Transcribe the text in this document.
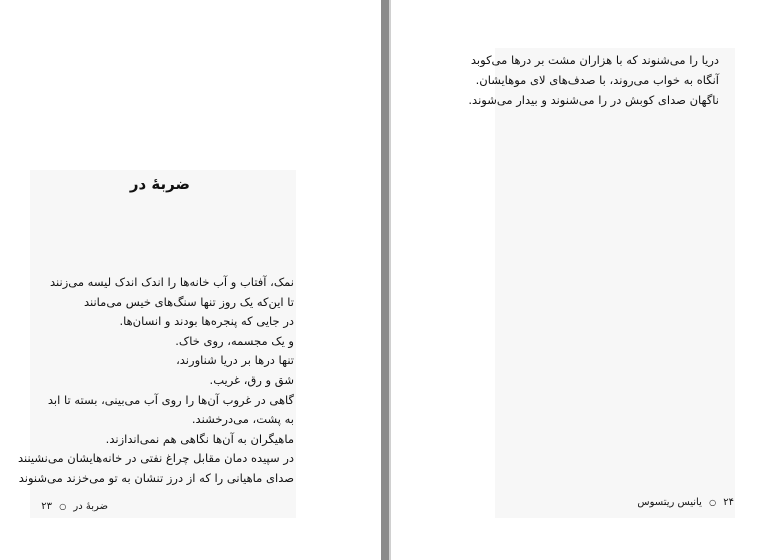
ضربهٔ در
نمک، آفتاب و آب خانه‌ها را اندک اندک لیسه می‌زنند
تا این‌که یک روز تنها سنگ‌های خیس می‌مانند
در جایی که پنجره‌ها بودند و انسان‌ها.
و یک مجسمه، روی خاک.
تنها درها بر دریا شناورند،
شق و رق، غریب.
گاهی در غروب آن‌ها را روی آب می‌بینی، بسته تا ابد
به پشت، می‌درخشند.
ماهیگران به آن‌ها نگاهی هم نمی‌اندازند.
در سپیده دمان مقابل چراغ نفتی در خانه‌هایشان می‌نشینند
صدای ماهیانی را که از درز تنشان به تو می‌خزند می‌شنوند
دریا را می‌شنوند که با هزاران مشت بر درها می‌کوبد
آنگاه به خواب می‌روند، با صدف‌های لای موهایشان.
ناگهان صدای کوبش در را می‌شنوند و بیدار می‌شوند.
ضربهٔ در ○ ۲۳	۲۴ ○ یانیس ریتسوس
